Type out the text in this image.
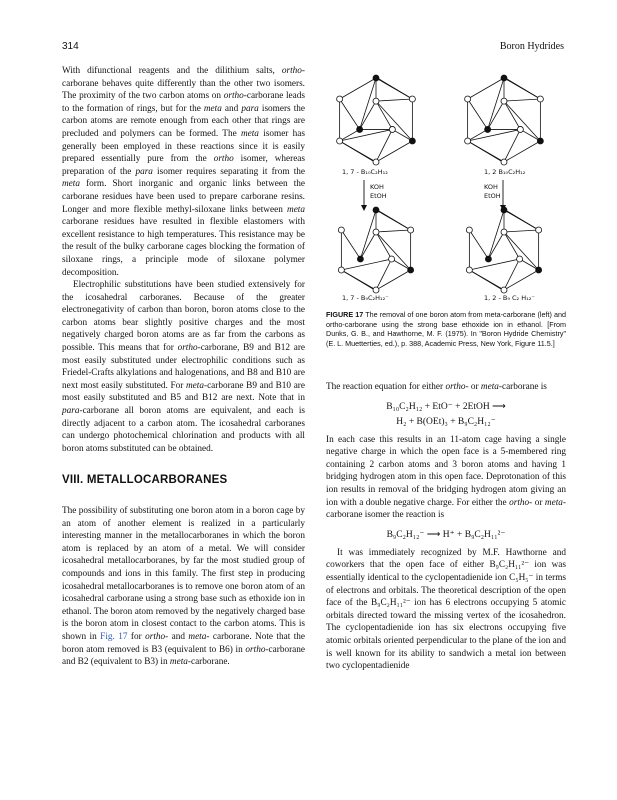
314	Boron Hydrides

With difunctional reagents and the dilithium salts, ortho-carborane behaves quite differently than the other two isomers. The proximity of the two carbon atoms on ortho-carborane leads to the formation of rings, but for the meta and para isomers the carbon atoms are remote enough from each other that rings are precluded and polymers can be formed. The meta isomer has generally been employed in these reactions since it is easily prepared essentially pure from the ortho isomer, whereas preparation of the para isomer requires separating it from the meta form. Short inorganic and organic links between the carborane residues have been used to prepare carborane resins. Longer and more flexible methyl-siloxane links between meta carborane residues have resulted in flexible elastomers with excellent resistance to high temperatures. This resistance may be the result of the bulky carborane cages blocking the formation of siloxane rings, a principle mode of siloxane polymer decomposition.

Electrophilic substitutions have been studied extensively for the icosahedral carboranes. Because of the greater electronegativity of carbon than boron, boron atoms close to the carbon atoms bear slightly positive charges and the most negatively charged boron atoms are as far from the carbons as possible. This means that for ortho-carborane, B9 and B12 are most easily substituted under electrophilic conditions such as Friedel-Crafts alkylations and halogenations, and B8 and B10 are next most easily substituted. For meta-carborane B9 and B10 are most easily substituted and B5 and B12 are next. Note that in para-carborane all boron atoms are equivalent, and each is directly adjacent to a carbon atom. The icosahedral carboranes can undergo photochemical chlorination and products with all boron atoms substituted can be obtained.

VIII. METALLOCARBORANES

The possibility of substituting one boron atom in a boron cage by an atom of another element is realized in a particularly interesting manner in the metallocarboranes in which the boron atom is replaced by an atom of a metal. We will consider icosahedral metallocarboranes, by far the most studied group of compounds and ions in this family. The first step in producing icosahedral metallocarboranes is to remove one boron atom of an icosahedral carborane using a strong base such as ethoxide ion in ethanol. The boron atom removed by the negatively charged base is the boron atom in closest contact to the carbon atoms. This is shown in Fig. 17 for ortho- and meta- carborane. Note that the boron atom removed is B3 (equivalent to B6) in ortho-carborane and B2 (equivalent to B3) in meta-carborane.

1, 7 - B₁₀C₂H₁₂	1, 2 B₁₀C₂H₁₂
KOH
EtOH
KOH
EtOH
1, 7 - B₉C₂H₁₂⁻	1, 2 - B₉ C₂ H₁₂⁻
FIGURE 17 The removal of one boron atom from meta-carborane (left) and ortho-carborane using the strong base ethoxide ion in ethanol. [From Dunks, G. B., and Hawthorne, M. F. (1975). In "Boron Hydride Chemistry" (E. L. Muetterties, ed.), p. 388, Academic Press, New York, Figure 11.5.]

The reaction equation for either ortho- or meta-carborane is

B₁₀C₂H₁₂ + EtO⁻ + 2EtOH ⟶
H₂ + B(OEt)₃ + B₉C₂H₁₂⁻

In each case this results in an 11-atom cage having a single negative charge in which the open face is a 5-membered ring containing 2 carbon atoms and 3 boron atoms and having 1 bridging hydrogen atom in this open face. Deprotonation of this ion results in removal of the bridging hydrogen atom giving an ion with a double negative charge. For either the ortho- or meta-carborane isomer the reaction is

B₉C₂H₁₂⁻ ⟶ H⁺ + B₉C₂H₁₁²⁻

It was immediately recognized by M.F. Hawthorne and coworkers that the open face of either B₉C₂H₁₁²⁻ ion was essentially identical to the cyclopentadienide ion C₅H₅⁻ in terms of electrons and orbitals. The theoretical description of the open face of the B₉C₂H₁₁²⁻ ion has 6 electrons occupying 5 atomic orbitals directed toward the missing vertex of the icosahedron. The cyclopentadienide ion has six electrons occupying five atomic orbitals oriented perpendicular to the plane of the ion and is well known for its ability to sandwich a metal ion between two cyclopentadienide
